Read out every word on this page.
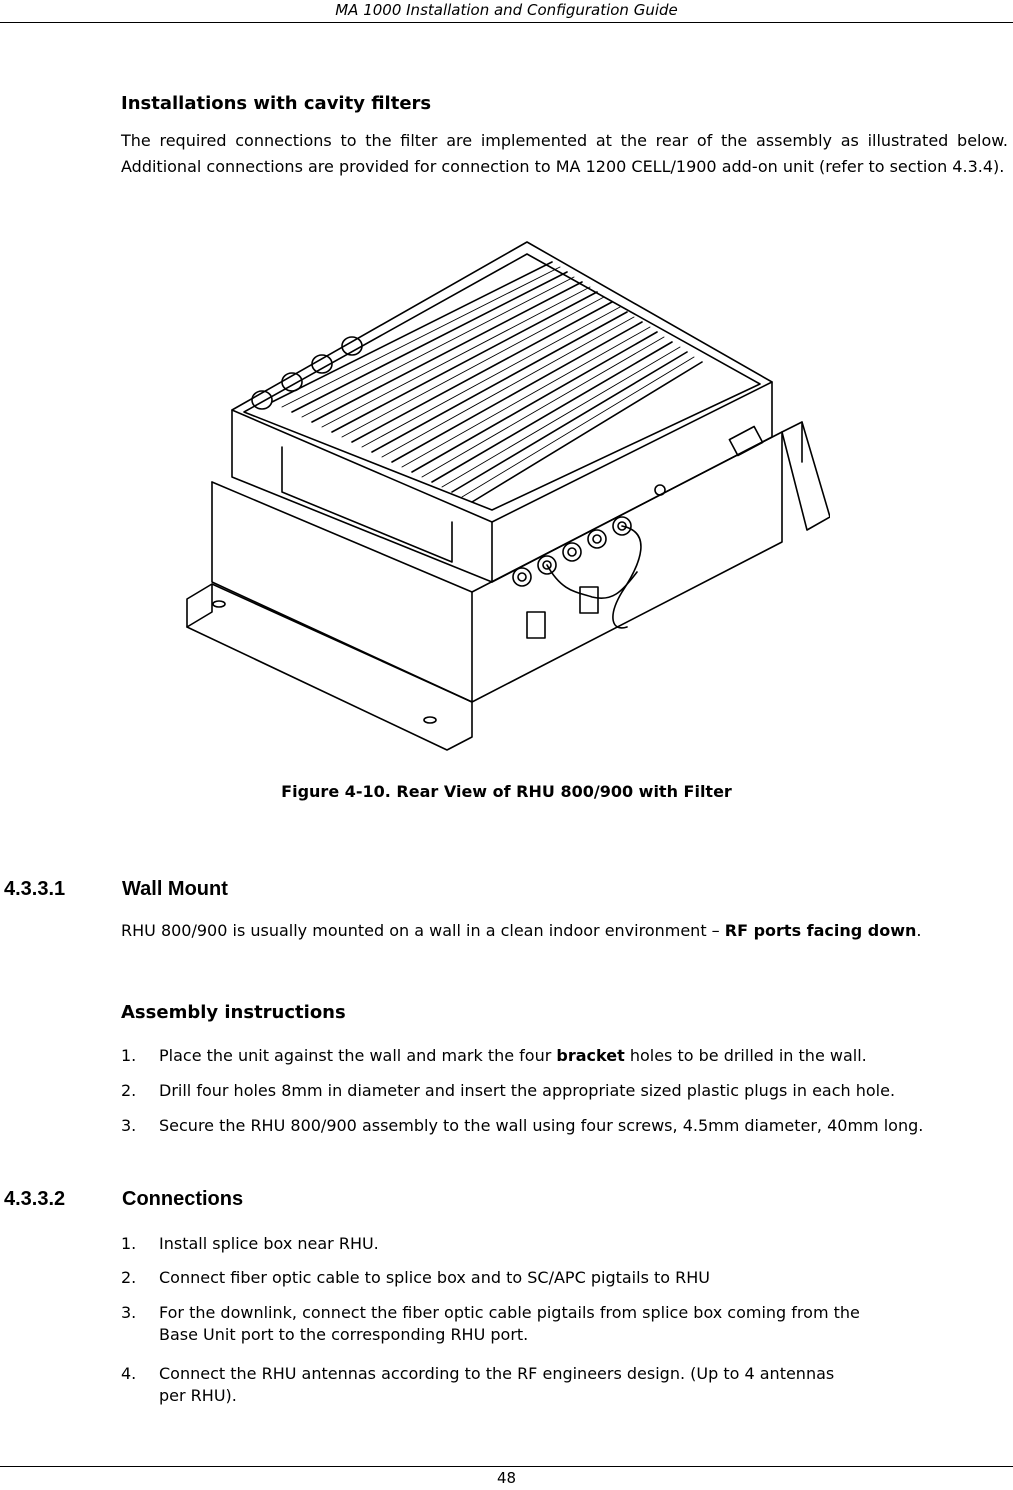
MA 1000 Installation and Configuration Guide
Installations with cavity filters

The required connections to the filter are implemented at the rear of the assembly as illustrated below. Additional connections are provided for connection to MA 1200 CELL/1900 add-on unit (refer to section 4.3.4).

Figure 4-10. Rear View of RHU 800/900 with Filter
4.3.3.1	Wall Mount

RHU 800/900 is usually mounted on a wall in a clean indoor environment – RF ports facing down.

Assembly instructions
1. Place the unit against the wall and mark the four bracket holes to be drilled in the wall.
2. Drill four holes 8mm in diameter and insert the appropriate sized plastic plugs in each hole.
3. Secure the RHU 800/900 assembly to the wall using four screws, 4.5mm diameter, 40mm long.
4.3.3.2	Connections
1. Install splice box near RHU.
2. Connect fiber optic cable to splice box and to SC/APC pigtails to RHU
3. For the downlink, connect the fiber optic cable pigtails from splice box coming from the Base Unit port to the corresponding RHU port.
4. Connect the RHU antennas according to the RF engineers design. (Up to 4 antennas per RHU).
48
